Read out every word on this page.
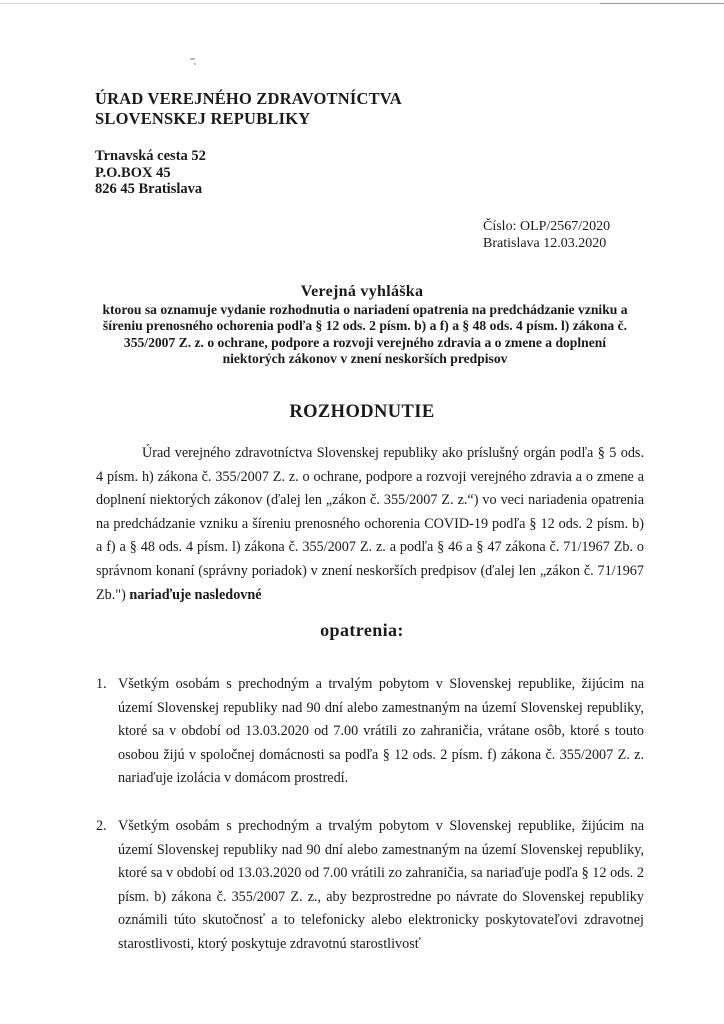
ÚRAD VEREJNÉHO ZDRAVOTNÍCTVA
SLOVENSKEJ REPUBLIKY
Trnavská cesta 52
P.O.BOX 45
826 45 Bratislava
Číslo: OLP/2567/2020
Bratislava 12.03.2020
Verejná vyhláška
ktorou sa oznamuje vydanie rozhodnutia o nariadení opatrenia na predchádzanie vzniku a šíreniu prenosného ochorenia podľa § 12 ods. 2 písm. b) a f) a § 48 ods. 4 písm. l) zákona č. 355/2007 Z. z. o ochrane, podpore a rozvoji verejného zdravia a o zmene a doplnení niektorých zákonov v znení neskorších predpisov
ROZHODNUTIE

Úrad verejného zdravotníctva Slovenskej republiky ako príslušný orgán podľa § 5 ods. 4 písm. h) zákona č. 355/2007 Z. z. o ochrane, podpore a rozvoji verejného zdravia a o zmene a doplnení niektorých zákonov (ďalej len „zákon č. 355/2007 Z. z.“) vo veci nariadenia opatrenia na predchádzanie vzniku a šíreniu prenosného ochorenia COVID-19 podľa § 12 ods. 2 písm. b) a f) a § 48 ods. 4 písm. l) zákona č. 355/2007 Z. z. a podľa § 46 a § 47 zákona č. 71/1967 Zb. o správnom konaní (správny poriadok) v znení neskorších predpisov (ďalej len „zákon č. 71/1967 Zb.") nariaďuje nasledovné

opatrenia:
1. Všetkým osobám s prechodným a trvalým pobytom v Slovenskej republike, žijúcim na území Slovenskej republiky nad 90 dní alebo zamestnaným na území Slovenskej republiky, ktoré sa v období od 13.03.2020 od 7.00 vrátili zo zahraničia, vrátane osôb, ktoré s touto osobou žijú v spoločnej domácnosti sa podľa § 12 ods. 2 písm. f) zákona č. 355/2007 Z. z. nariaďuje izolácia v domácom prostredí.
2. Všetkým osobám s prechodným a trvalým pobytom v Slovenskej republike, žijúcim na území Slovenskej republiky nad 90 dní alebo zamestnaným na území Slovenskej republiky, ktoré sa v období od 13.03.2020 od 7.00 vrátili zo zahraničia, sa nariaďuje podľa § 12 ods. 2 písm. b) zákona č. 355/2007 Z. z., aby bezprostredne po návrate do Slovenskej republiky oznámili túto skutočnosť a to telefonicky alebo elektronicky poskytovateľovi zdravotnej starostlivosti, ktorý poskytuje zdravotnú starostlivosť
